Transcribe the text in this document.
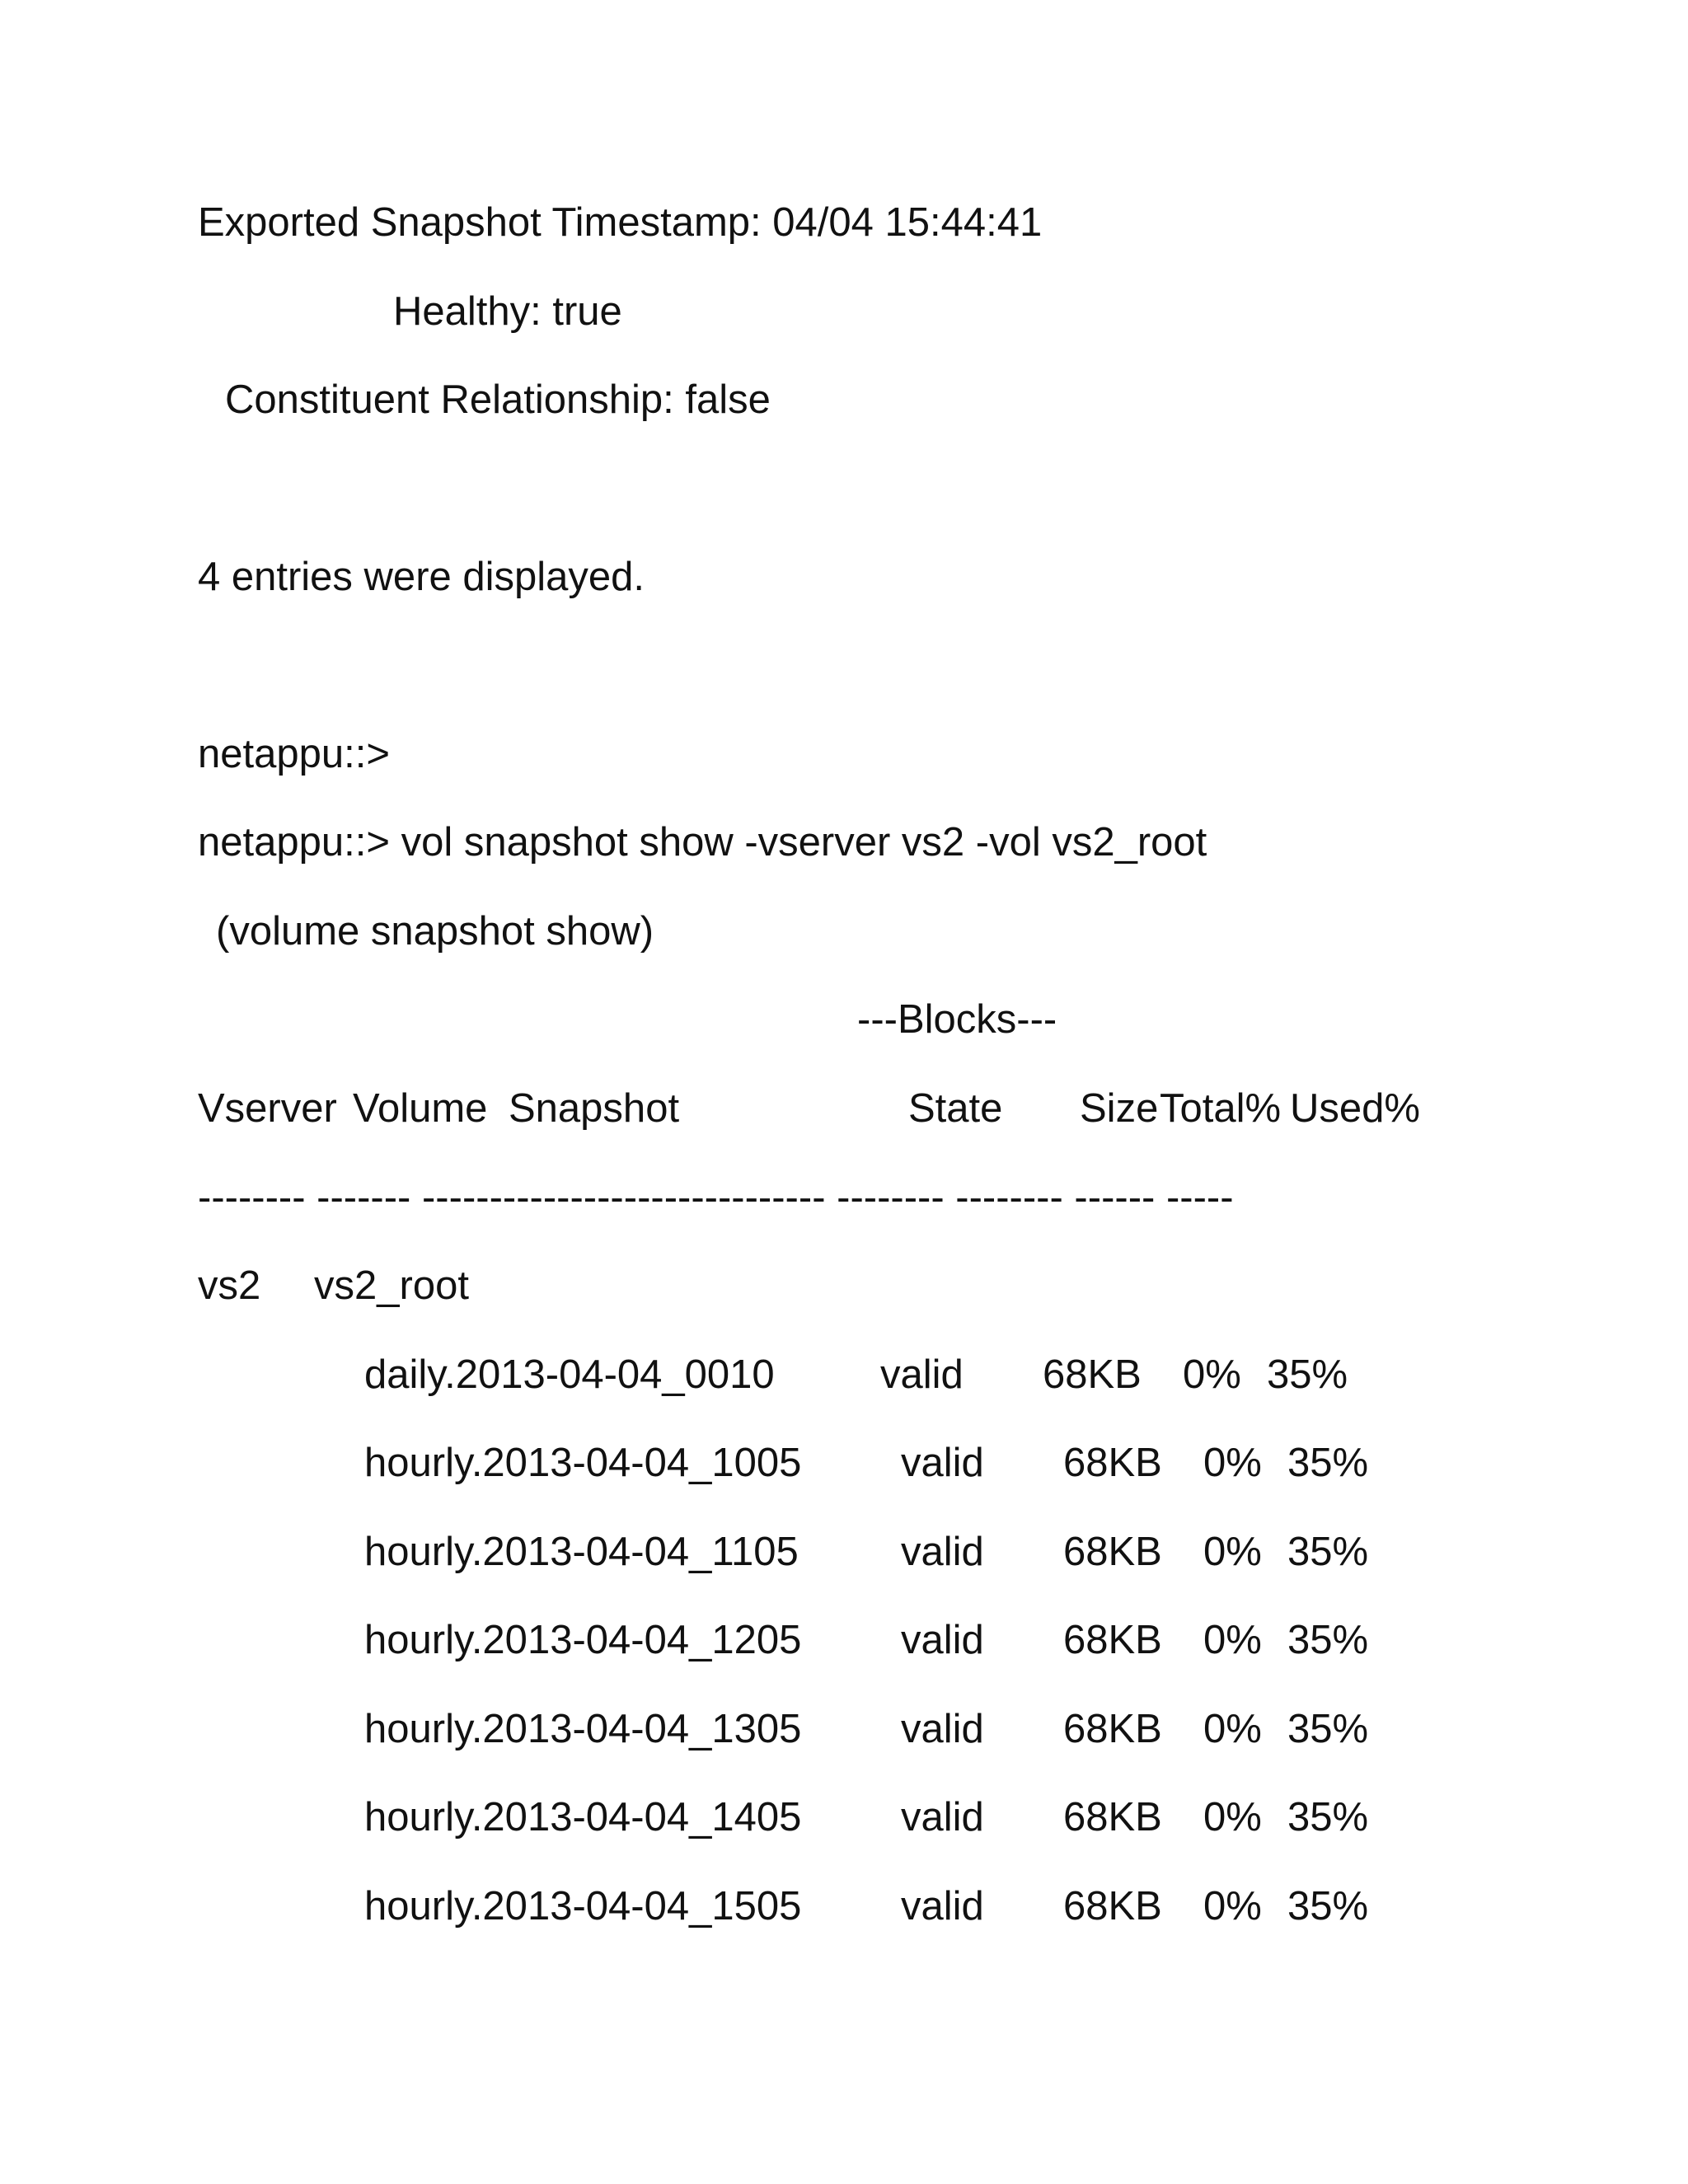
Exported Snapshot Timestamp: 04/04 15:44:41

Healthy: true

Constituent Relationship: false

4 entries were displayed.

netappu::>

netappu::> vol snapshot show -vserver vs2 -vol vs2_root

(volume snapshot show)

---Blocks---
Vserver Volume Snapshot	State Size Total% Used%
-------- ------- ------------------------------ -------- -------- ------ -----
vs2 vs2_root
daily.2013-04-04_0010	valid 68KB 0% 35%
hourly.2013-04-04_1005 valid 68KB 0% 35%
hourly.2013-04-04_1105	valid 68KB 0% 35%
hourly.2013-04-04_1205 valid 68KB 0% 35%
hourly.2013-04-04_1305 valid 68KB 0% 35%
hourly.2013-04-04_1405 valid 68KB 0% 35%
hourly.2013-04-04_1505 valid 68KB 0% 35%
